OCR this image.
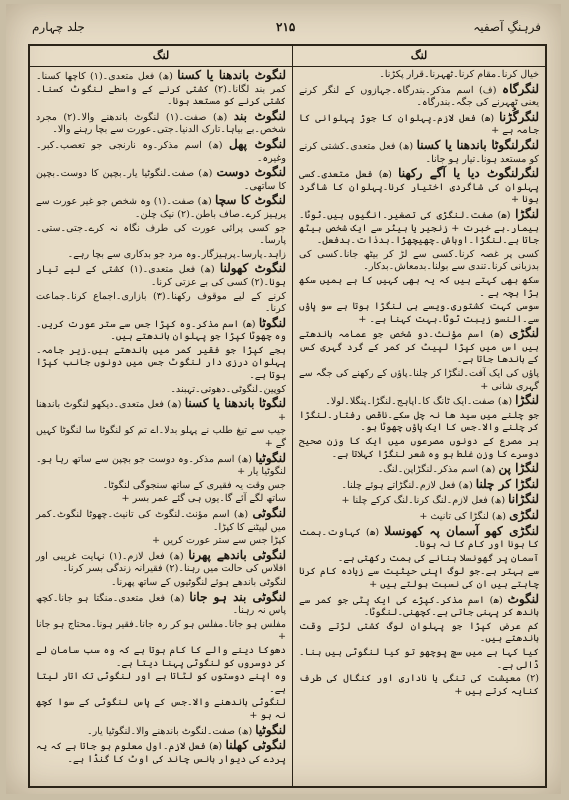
فرہنگِ آصفیہ
۲۱۵
جلد چہارم
لنگ

خیال کرنا۔مقام کرنا۔ٹھہرنا۔قرار پکڑنا۔

لنگرگاہ (ف) اسم مذکر۔بندرگاہ۔جہازوں کے لنگر کرنے یعنی ٹھہرنے کی جگہ۔بندرگاہ۔

لنگرگُڑنا (ھ) فعل لازم۔پہلوان کا جوڑ پہلوانی کا جامہ ہے +

لنگرلنگوٹا باندھنا یا کسنا (ھ) فعل متعدی۔کشتی کرنے کو مستعد ہونا۔تیار ہو جانا۔

لنگرلنگوٹ دیا یا آگے رکھنا (ھ) فعل متعدی۔کسی پہلوان کی شاگردی اختیار کرنا۔پہلوان کا شاگرد ہونا +

لنگڑا (ھ) صفت۔لنگڑی کی تصغیر۔انگیوں ہیں۔ٹوٹا۔بیمار۔بے خبرت + زنجیر یا بیٹر سے ایک شخص بیٹھ جاتا ہے۔لنگڑا۔اوباش۔چھیچھڑا۔بدذات۔بدفعل۔

کسی پر غصہ کرنا۔کسی سے لڑ کر بیٹھ جانا۔کسی کی بدزبانی کرنا۔تندی سے بولنا۔بدمعاش۔بدکار۔

سکھ بھی کہتے ہیں کہ یہ بھی کہیں کا ہے ہمیں سکھ بڑا بچہ ہے ۔

سوسی کہت کشتوری۔ویسے ہی لنگڑا ہوتا ہے سو پاؤں سے۔النسو زیبت ٹوٹا۔بہت کہنا ہے۔ +

لنگڑی (ھ) اسم مؤنث۔دو شخص جو عمامہ باندھتے ہیں اس میں کپڑا لپیٹ کر کمر کے گرد گہری کس کے باندھا جاتا ہے۔

پاؤں کی ایک آفت۔لنگڑا کر چلنا۔پاؤں کے رکھنے کی جگہ سے گہری شانی +

لنگڑا (ھ) صفت۔ایک ٹانگ کا۔اپاہج۔لنگڑا۔پنگلا۔لولا۔

جو چلنے میں سید ھا نہ چل سکے۔ناقص رفتار۔لنگڑا کر چلنے والا۔جس کا ایک پاؤں چھوٹا ہو۔

ہر مصرع کے دونوں مصرعوں میں ایک کا وزن صحیح دوسرے کا وزن غلط ہو وہ شعر لنگڑا کہلاتا ہے۔

لنگڑا پن (ھ) اسم مذکر۔لنگڑاپن۔لنگ۔

لنگڑا کر چلنا (ھ) فعل لازم۔لنگڑاتے ہوئے چلنا۔

لنگڑانا (ھ) فعل لازم۔لنگ کرنا۔لنگ کرکے چلنا +

لنگڑی (ھ) لنگڑا کی تانیث +

لنگڑی کھو آسمان پہ کھونسلا (ھ) کہاوت۔ہمت کا ہونا اور کام کا نہ ہونا۔

آسمان پر گھونسلا بنانے کی ہمت رکھتی ہے۔

سے بہتر ہے۔جو لوگ اپنی حیثیت سے زیادہ کام کرنا چاہتے ہیں ان کی نسبت بولتے ہیں +

لنگوٹ (ھ) اسم مذکر۔کپڑے کی ایک پٹی جو کمر سے باندھ کر پہنی جاتی ہے۔کچھنی۔لنگوٹا۔

کم عرض کپڑا جو پہلوان لوگ کشتی لڑتے وقت باندھتے ہیں۔

کیا کہا ہے میں سچ پوچھو تو کیا لنگوٹی ہیں بنا۔ڈالی ہے۔

(۲) معیشت کی تنگی یا ناداری اور کنگال کی طرف کنایہ کرتے ہیں +

لنگ

لنگوٹ باندھنا یا کسنا (ھ) فعل متعدی۔(۱) کاچھا کسنا۔کمر بند لگانا۔(۲) کشتی کرنے کے واسطے لنگوٹ کسنا۔کشتی کرنے کو مستعد ہونا۔

لنگوٹ بند (ھ) صفت۔(۱) لنگوٹ باندھنے والا۔(۲) مجرد شخص۔بے بیاہا۔تارک الدنیا۔جتی۔عورت سے بچا رہنے والا۔

لنگوٹ پھل (ھ) اسم مذکر۔وہ نارنجی جو تعصب۔کبر۔وغیرہ۔

لنگوٹ دوست (ھ) صفت۔لنگوٹیا یار۔بچپن کا دوست۔بچپن کا ساتھی۔

لنگوٹ کا سچا (ھ) صفت۔(۱) وہ شخص جو غیر عورت سے پرہیز کرے۔صاف باطن۔(۲) نیک چلن۔

جو کسی پرائی عورت کی طرف نگاہ نہ کرے۔جتی۔ستی۔پارسا۔

زاہد۔پارسا۔پرہیزگار۔وہ مرد جو بدکاری سے بچا رہے۔

لنگوٹ کھولنا (ھ) فعل متعدی۔(۱) کشتی کے لیے تیار ہونا۔(۲) کسی کی بے عزتی کرنا۔

کرنے کے لیے موقوف رکھنا۔(۳) بازاری۔اجماع کرنا۔جماعت کرنا۔

لنگوٹا (ھ) اسم مذکر۔وہ کپڑا جس سے ستر عورت کریں۔وہ چھوٹا کپڑا جو پہلوان باندھتے ہیں۔

بجے کپڑا جو فقیر کمر میں باندھتے ہیں۔زیر جامہ۔پہلوان درزی دار لنگوٹ جس میں دونوں جانب کپڑا ہوتا ہے۔

کوپین۔لنگوٹی۔دھوتی۔تہبند۔

لنگوٹا باندھنا یا کسنا (ھ) فعل متعدی۔دیکھو لنگوٹ باندھنا +

جیب سے تیغ طلب نے پہلو بدلا۔اے تم کو لنگوٹا سا لنگوٹا کہیں گے +

لنگوٹیا (ھ) اسم مذکر۔وہ دوست جو بچپن سے ساتھ رہا ہو۔لنگوٹیا یار +

جس وقت یہ فقیری کے ساتھ سنجوگی لنگوٹا۔

ساتھ لگے آئے گا۔یوں ہی گئے عمر بسر +

لنگوٹی (ھ) اسم مؤنث۔لنگوٹ کی تانیث۔چھوٹا لنگوٹ۔کمر میں لپیٹنے کا کپڑا۔

کپڑا جس سے ستر عورت کریں +

لنگوٹی باندھے پھرنا (ھ) فعل لازم۔(۱) نہایت غریبی اور افلاس کی حالت میں رہنا۔(۲) فقیرانہ زندگی بسر کرنا۔

لنگوٹی باندھے ہوئے لنگوٹیوں کے ساتھ پھرنا۔

لنگوٹی بند ہو جانا (ھ) فعل متعدی۔منگتا ہو جانا۔کچھ پاس نہ رہنا۔

مفلس ہو جانا۔مفلس ہو کر رہ جانا۔فقیر ہونا۔محتاج ہو جانا +

دھوکا دینے والے کا کام ہوتا ہے کہ وہ سب سامان لے کر دوسروں کو لنگوٹی پہنا دیتا ہے۔

وہ اپنے دوستوں کو لٹاتا ہے اور لنگوٹی تک اتار لیتا ہے۔

لنگوٹی باندھنے والا۔جس کے پاس لنگوٹی کے سوا کچھ نہ ہو +

لنگوٹیا (ھ) صفت۔لنگوٹ باندھنے والا۔لنگوٹیا یار۔

لنگوٹی کھلنا (ھ) فعل لازم۔اول معلوم ہو جاتا ہے کہ یہ پردے کی دیوار بانس چاند کی اوٹ کا گنڈا ہے۔
